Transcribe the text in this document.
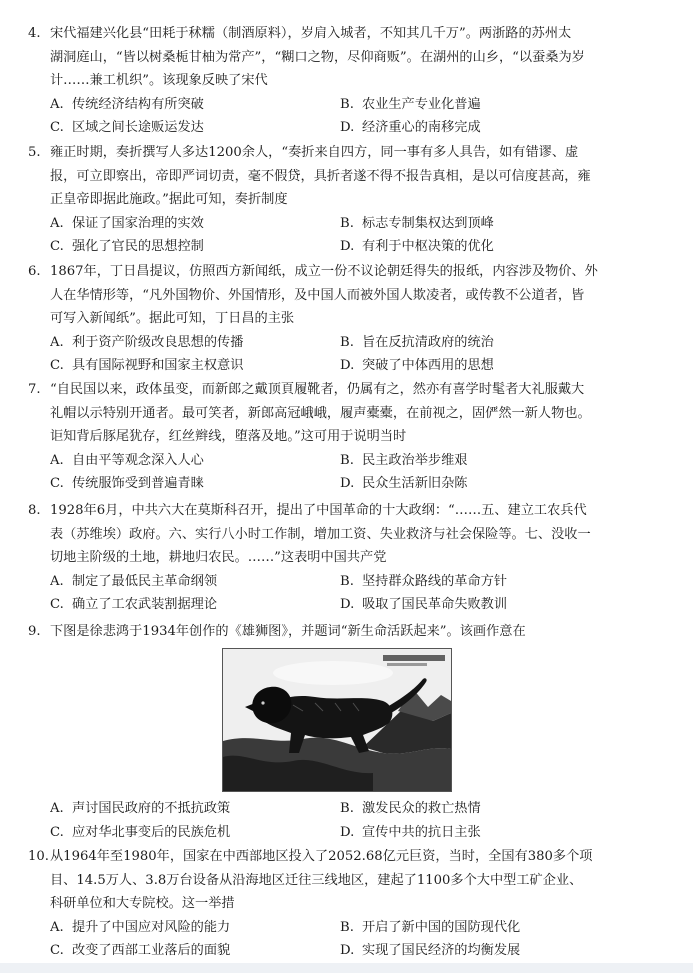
4. 宋代福建兴化县“田耗于秫糯（制酒原料），岁肩入城者，不知其几千万”。两浙路的苏州太
湖洞庭山，“皆以树桑栀甘柚为常产”，“糊口之物，尽仰商贩”。在湖州的山乡，“以蚕桑为岁
计……兼工机织”。该现象反映了宋代
A. 传统经济结构有所突破	B. 农业生产专业化普遍
C. 区域之间长途贩运发达	D. 经济重心的南移完成
5. 雍正时期，奏折撰写人多达1200余人，“奏折来自四方，同一事有多人具告，如有错谬、虚
报，可立即察出，帝即严词切责，毫不假贷，具折者遂不得不报告真相，是以可信度甚高，雍
正皇帝即据此施政。”据此可知，奏折制度
A. 保证了国家治理的实效	B. 标志专制集权达到顶峰
C. 强化了官民的思想控制	D. 有利于中枢决策的优化
6. 1867年，丁日昌提议，仿照西方新闻纸，成立一份不议论朝廷得失的报纸，内容涉及物价、外
人在华情形等，“凡外国物价、外国情形，及中国人而被外国人欺凌者，或传教不公道者，皆
可写入新闻纸”。据此可知，丁日昌的主张
A. 利于资产阶级改良思想的传播	B. 旨在反抗清政府的统治
C. 具有国际视野和国家主权意识	D. 突破了中体西用的思想
7. “自民国以来，政体虽变，而新郎之戴顶頁履靴者，仍属有之，然亦有喜学时髦者大礼服戴大
礼帽以示特别开通者。最可笑者，新郎高冠峨峨，履声橐橐，在前视之，固俨然一新人物也。
讵知背后豚尾犹存，红丝辫线，堕落及地。”这可用于说明当时
A. 自由平等观念深入人心	B. 民主政治举步维艰
C. 传统服饰受到普遍青睐	D. 民众生活新旧杂陈
8. 1928年6月，中共六大在莫斯科召开，提出了中国革命的十大政纲：“……五、建立工农兵代
表（苏维埃）政府。六、实行八小时工作制，增加工资、失业救济与社会保险等。七、没收一
切地主阶级的土地，耕地归农民。……”这表明中国共产党
A. 制定了最低民主革命纲领	B. 坚持群众路线的革命方针
C. 确立了工农武装割据理论	D. 吸取了国民革命失败教训
9. 下图是徐悲鸿于1934年创作的《雄狮图》，并题词“新生命活跃起来”。该画作意在
A. 声讨国民政府的不抵抗政策	B. 激发民众的救亡热情
C. 应对华北事变后的民族危机	D. 宣传中共的抗日主张
10.从1964年至1980年，国家在中西部地区投入了2052.68亿元巨资，当时，全国有380多个项
目、14.5万人、3.8万台设备从沿海地区迁往三线地区，建起了1100多个大中型工矿企业、
科研单位和大专院校。这一举措
A. 提升了中国应对风险的能力	B. 开启了新中国的国防现代化
C. 改变了西部工业落后的面貌	D. 实现了国民经济的均衡发展
